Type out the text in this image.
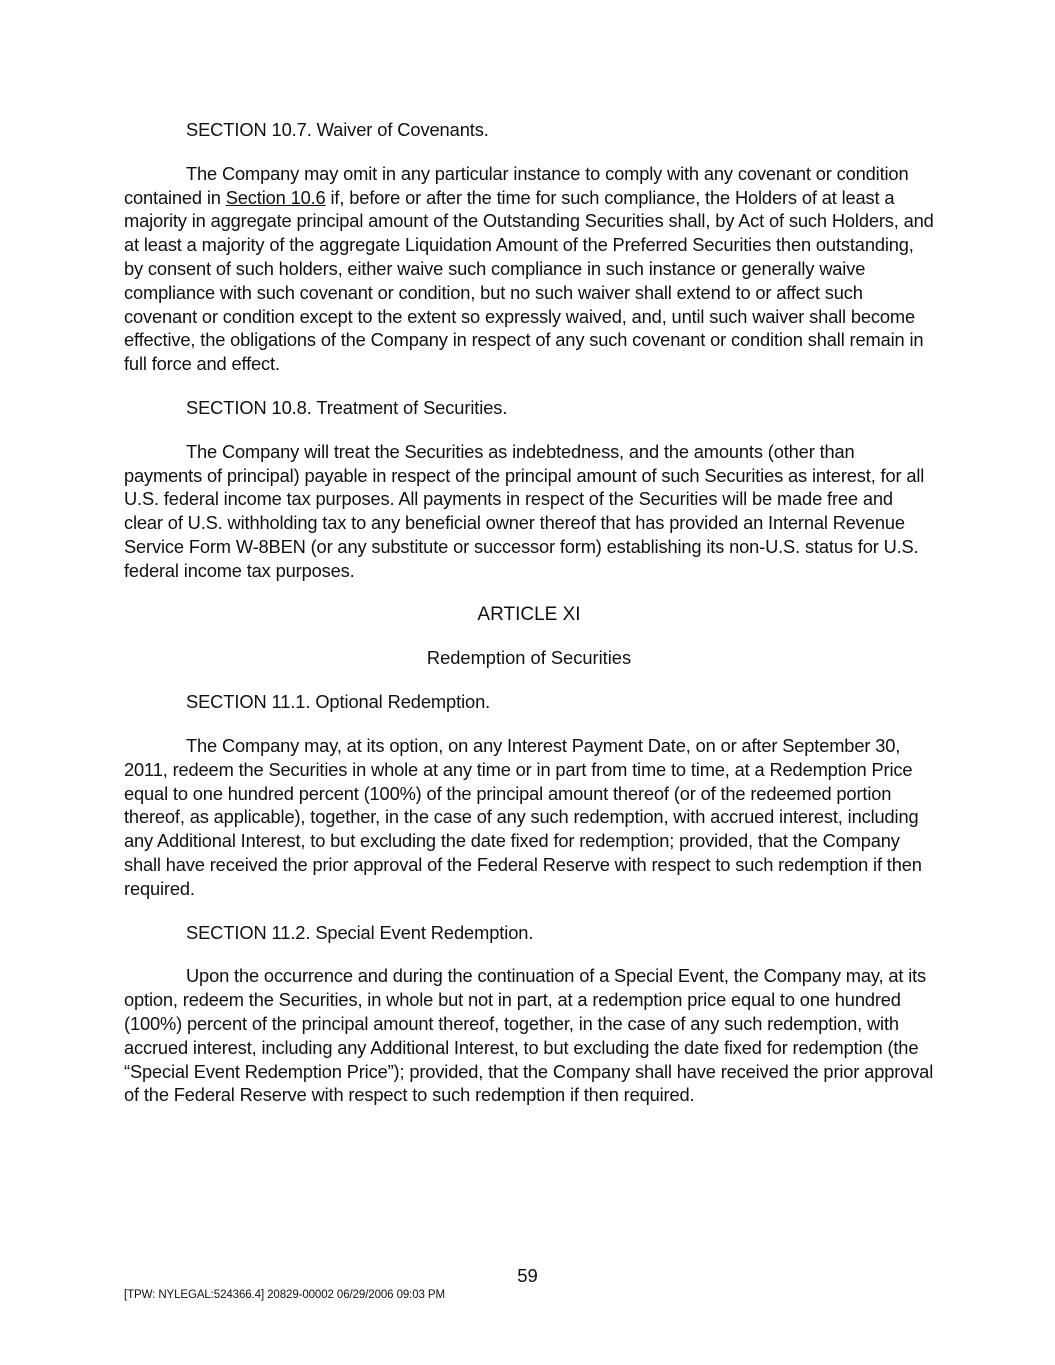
SECTION 10.7. Waiver of Covenants.

The Company may omit in any particular instance to comply with any covenant or condition contained in Section 10.6 if, before or after the time for such compliance, the Holders of at least a majority in aggregate principal amount of the Outstanding Securities shall, by Act of such Holders, and at least a majority of the aggregate Liquidation Amount of the Preferred Securities then outstanding, by consent of such holders, either waive such compliance in such instance or generally waive compliance with such covenant or condition, but no such waiver shall extend to or affect such covenant or condition except to the extent so expressly waived, and, until such waiver shall become effective, the obligations of the Company in respect of any such covenant or condition shall remain in full force and effect.

SECTION 10.8. Treatment of Securities.

The Company will treat the Securities as indebtedness, and the amounts (other than payments of principal) payable in respect of the principal amount of such Securities as interest, for all U.S. federal income tax purposes. All payments in respect of the Securities will be made free and clear of U.S. withholding tax to any beneficial owner thereof that has provided an Internal Revenue Service Form W-8BEN (or any substitute or successor form) establishing its non-U.S. status for U.S. federal income tax purposes.

ARTICLE XI

Redemption of Securities

SECTION 11.1. Optional Redemption.

The Company may, at its option, on any Interest Payment Date, on or after September 30, 2011, redeem the Securities in whole at any time or in part from time to time, at a Redemption Price equal to one hundred percent (100%) of the principal amount thereof (or of the redeemed portion thereof, as applicable), together, in the case of any such redemption, with accrued interest, including any Additional Interest, to but excluding the date fixed for redemption; provided, that the Company shall have received the prior approval of the Federal Reserve with respect to such redemption if then required.

SECTION 11.2. Special Event Redemption.

Upon the occurrence and during the continuation of a Special Event, the Company may, at its option, redeem the Securities, in whole but not in part, at a redemption price equal to one hundred (100%) percent of the principal amount thereof, together, in the case of any such redemption, with accrued interest, including any Additional Interest, to but excluding the date fixed for redemption (the “Special Event Redemption Price”); provided, that the Company shall have received the prior approval of the Federal Reserve with respect to such redemption if then required.

59
[TPW: NYLEGAL:524366.4] 20829-00002 06/29/2006 09:03 PM
